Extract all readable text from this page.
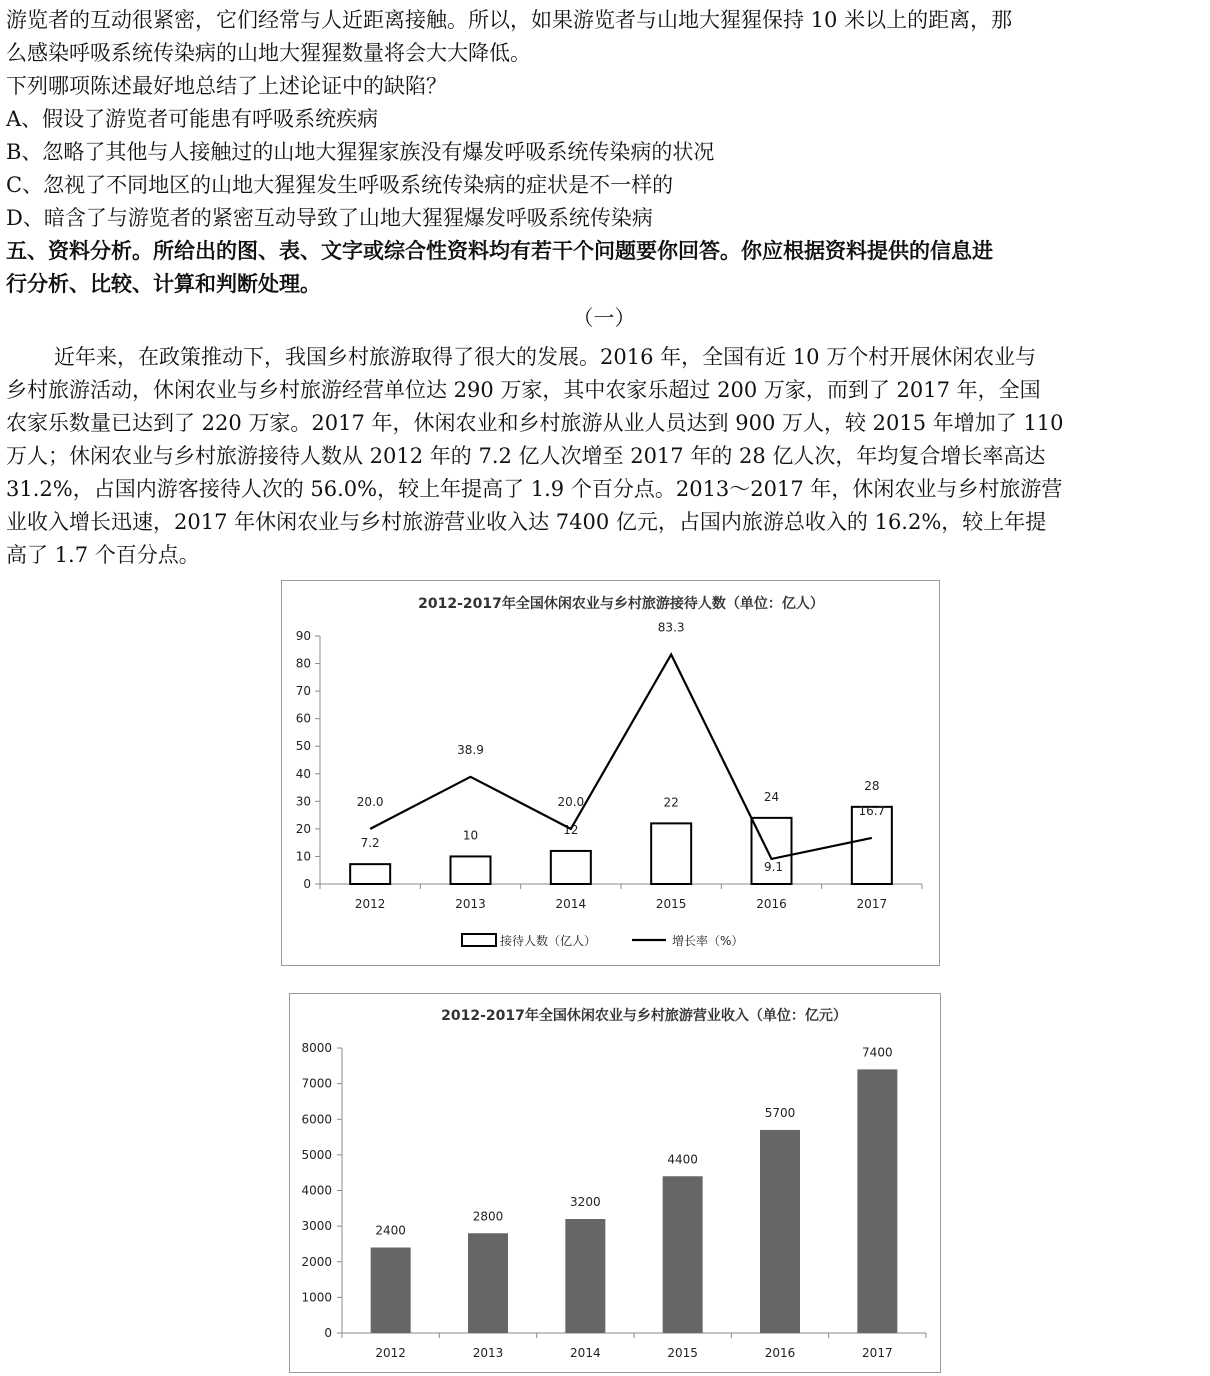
游览者的互动很紧密，它们经常与人近距离接触。所以，如果游览者与山地大猩猩保持 10 米以上的距离，那
么感染呼吸系统传染病的山地大猩猩数量将会大大降低。
下列哪项陈述最好地总结了上述论证中的缺陷？
A、假设了游览者可能患有呼吸系统疾病
B、忽略了其他与人接触过的山地大猩猩家族没有爆发呼吸系统传染病的状况
C、忽视了不同地区的山地大猩猩发生呼吸系统传染病的症状是不一样的
D、暗含了与游览者的紧密互动导致了山地大猩猩爆发呼吸系统传染病
五、资料分析。所给出的图、表、文字或综合性资料均有若干个问题要你回答。你应根据资料提供的信息进
行分析、比较、计算和判断处理。
（一）
近年来，在政策推动下，我国乡村旅游取得了很大的发展。2016 年，全国有近 10 万个村开展休闲农业与
乡村旅游活动，休闲农业与乡村旅游经营单位达 290 万家，其中农家乐超过 200 万家，而到了 2017 年，全国
农家乐数量已达到了 220 万家。2017 年，休闲农业和乡村旅游从业人员达到 900 万人，较 2015 年增加了 110
万人；休闲农业与乡村旅游接待人数从 2012 年的 7.2 亿人次增至 2017 年的 28 亿人次，年均复合增长率高达
31.2%，占国内游客接待人次的 56.0%，较上年提高了 1.9 个百分点。2013～2017 年，休闲农业与乡村旅游营
业收入增长迅速，2017 年休闲农业与乡村旅游营业收入达 7400 亿元，占国内旅游总收入的 16.2%，较上年提
高了 1.7 个百分点。
2012-2017年全国休闲农业与乡村旅游接待人数（单位：亿人）
0
10
20
30
40
50
60
70
80
90
7.2
2012
10
2013
12
2014
22
2015
24
2016
28
2017
20.0
38.9
20.0
83.3
9.1
16.7
接待人数（亿人）	增长率（%）
2012-2017年全国休闲农业与乡村旅游营业收入（单位：亿元）
0
1000
2000
3000
4000
5000
6000
7000
8000
2400
2012
2800
2013
3200
2014
4400
2015
5700
2016
7400
2017
